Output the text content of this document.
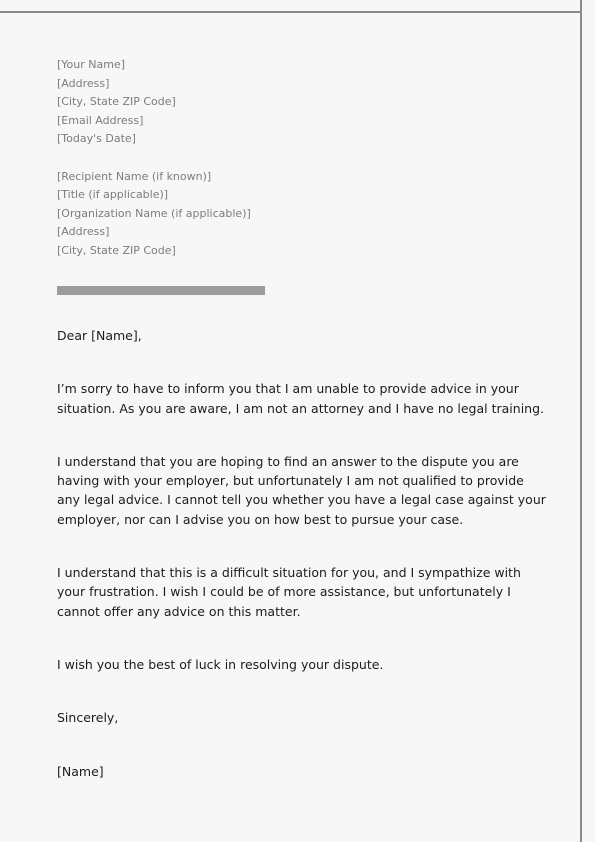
[Your Name]
[Address]
[City, State ZIP Code]
[Email Address]
[Today's Date]
[Recipient Name (if known)]
[Title (if applicable)]
[Organization Name (if applicable)]
[Address]
[City, State ZIP Code]

Dear [Name],

I’m sorry to have to inform you that I am unable to provide advice in your situation. As you are aware, I am not an attorney and I have no legal training.

I understand that you are hoping to find an answer to the dispute you are having with your employer, but unfortunately I am not qualified to provide any legal advice. I cannot tell you whether you have a legal case against your employer, nor can I advise you on how best to pursue your case.

I understand that this is a difficult situation for you, and I sympathize with your frustration. I wish I could be of more assistance, but unfortunately I cannot offer any advice on this matter.

I wish you the best of luck in resolving your dispute.

Sincerely,

[Name]
